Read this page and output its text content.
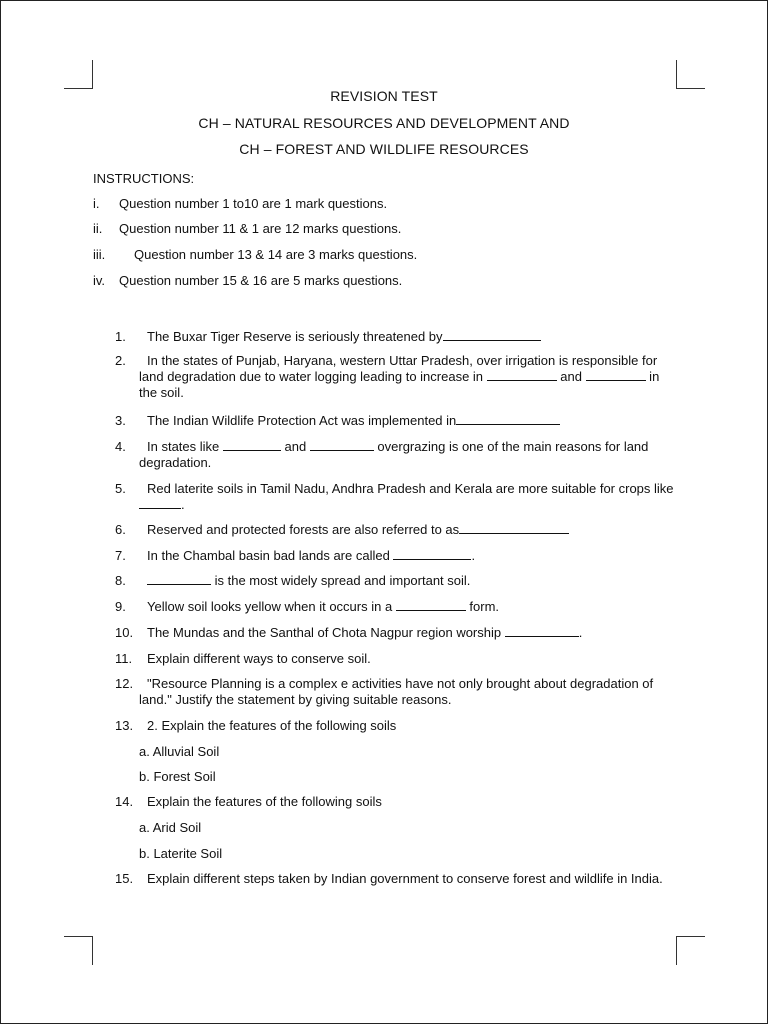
REVISION TEST
CH – NATURAL RESOURCES AND DEVELOPMENT AND
CH – FOREST AND WILDLIFE RESOURCES
INSTRUCTIONS:
i. Question number 1 to10 are 1 mark questions.
ii. Question number 11 & 1 are 12 marks questions.
iii. Question number 13 & 14 are 3 marks questions.
iv. Question number 15 & 16 are 5 marks questions.
1.	The Buxar Tiger Reserve is seriously threatened by
2.	In the states of Punjab, Haryana, western Uttar Pradesh, over irrigation is responsible for land degradation due to water logging leading to increase in	and	in the soil.
3.	The Indian Wildlife Protection Act was implemented in
4.	In states like	and	overgrazing is one of the main reasons for land degradation.
5.	Red laterite soils in Tamil Nadu, Andhra Pradesh and Kerala are more suitable for crops like.
6.	Reserved and protected forests are also referred to as
7.	In the Chambal basin bad lands are called	.
8.	is the most widely spread and important soil.
9.	Yellow soil looks yellow when it occurs in a	form.
10.	The Mundas and the Santhal of Chota Nagpur region worship	.
11.	Explain different ways to conserve soil.
12.	"Resource Planning is a complex e activities have not only brought about degradation of land." Justify the statement by giving suitable reasons.
13.	2. Explain the features of the following soils
a. Alluvial Soil
b. Forest Soil
14.	Explain the features of the following soils
a. Arid Soil
b. Laterite Soil
15.	Explain different steps taken by Indian government to conserve forest and wildlife in India.
